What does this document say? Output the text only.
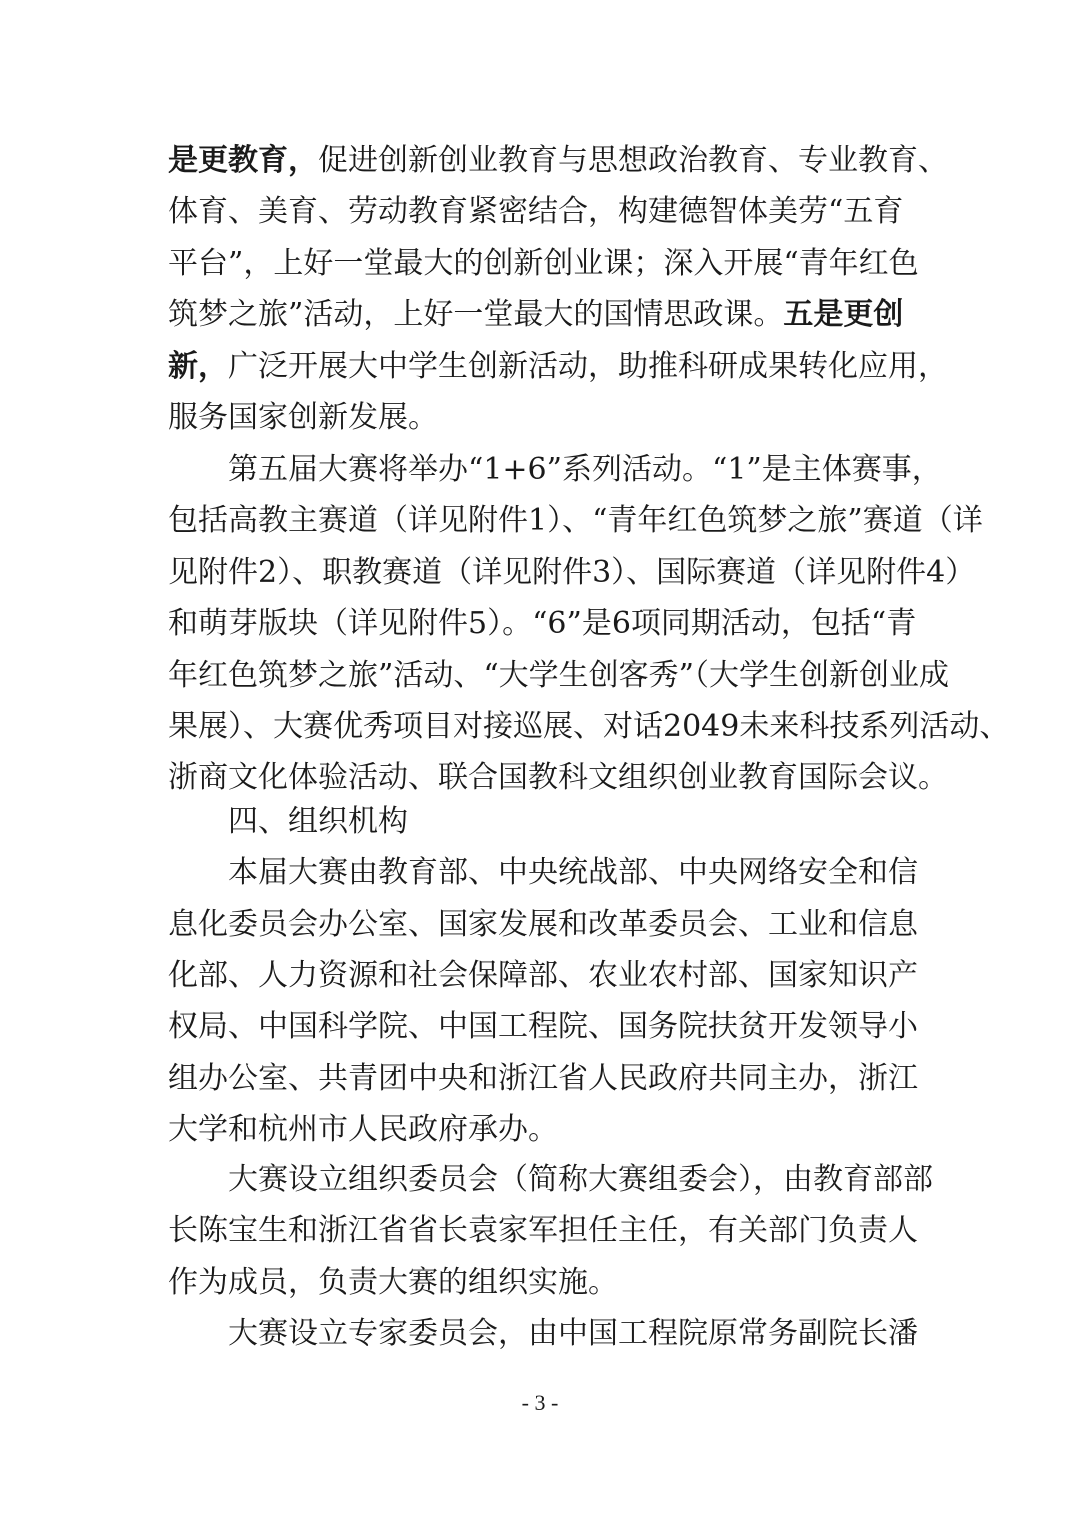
是更教育，促进创新创业教育与思想政治教育、专业教育、
体育、美育、劳动教育紧密结合，构建德智体美劳“五育
平台”，上好一堂最大的创新创业课；深入开展“青年红色
筑梦之旅”活动，上好一堂最大的国情思政课。五是更创
新，广泛开展大中学生创新活动，助推科研成果转化应用，
服务国家创新发展。
第五届大赛将举办“1+6”系列活动。“1”是主体赛事，
包括高教主赛道（详见附件1）、“青年红色筑梦之旅”赛道（详
见附件2）、职教赛道（详见附件3）、国际赛道（详见附件4）
和萌芽版块（详见附件5）。“6”是6项同期活动，包括“青
年红色筑梦之旅”活动、“大学生创客秀”（大学生创新创业成
果展）、大赛优秀项目对接巡展、对话2049未来科技系列活动、
浙商文化体验活动、联合国教科文组织创业教育国际会议。
四、组织机构
本届大赛由教育部、中央统战部、中央网络安全和信
息化委员会办公室、国家发展和改革委员会、工业和信息
化部、人力资源和社会保障部、农业农村部、国家知识产
权局、中国科学院、中国工程院、国务院扶贫开发领导小
组办公室、共青团中央和浙江省人民政府共同主办，浙江
大学和杭州市人民政府承办。
大赛设立组织委员会（简称大赛组委会），由教育部部
长陈宝生和浙江省省长袁家军担任主任，有关部门负责人
作为成员，负责大赛的组织实施。
大赛设立专家委员会，由中国工程院原常务副院长潘
- 3 -
